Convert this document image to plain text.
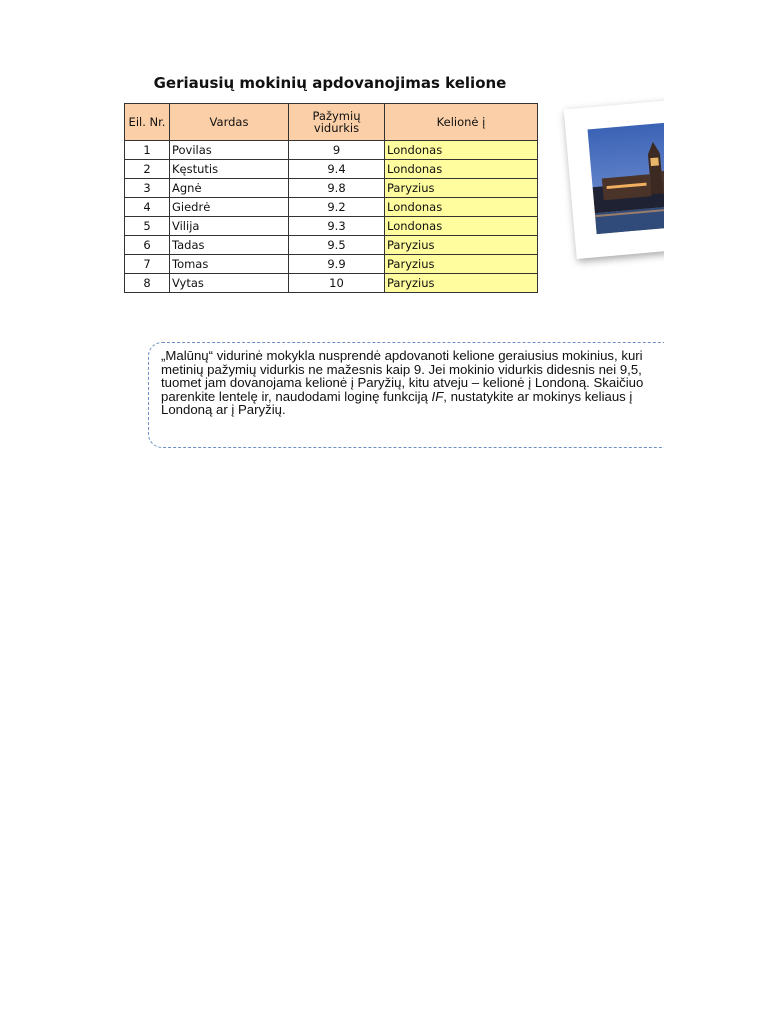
Geriausių mokinių apdovanojimas kelione
Eil. Nr.	Vardas	Pažymių vidurkis	Kelionė į
1	Povilas	9	Londonas
2	Kęstutis	9.4	Londonas
3	Agnė	9.8	Paryzius
4	Giedrė	9.2	Londonas
5	Vilija	9.3	Londonas
6	Tadas	9.5	Paryzius
7	Tomas	9.9	Paryzius
8	Vytas	10	Paryzius
„Malūnų“ vidurinė mokykla nusprendė apdovanoti kelione geraiusius mokinius, kuri
metinių pažymių vidurkis ne mažesnis kaip 9. Jei mokinio vidurkis didesnis nei 9,5,
tuomet jam dovanojama kelionė į Paryžių, kitu atveju – kelionė į Londoną. Skaičiuo
parenkite lentelę ir, naudodami loginę funkciją IF, nustatykite ar mokinys keliaus į
Londoną ar į Paryžių.
